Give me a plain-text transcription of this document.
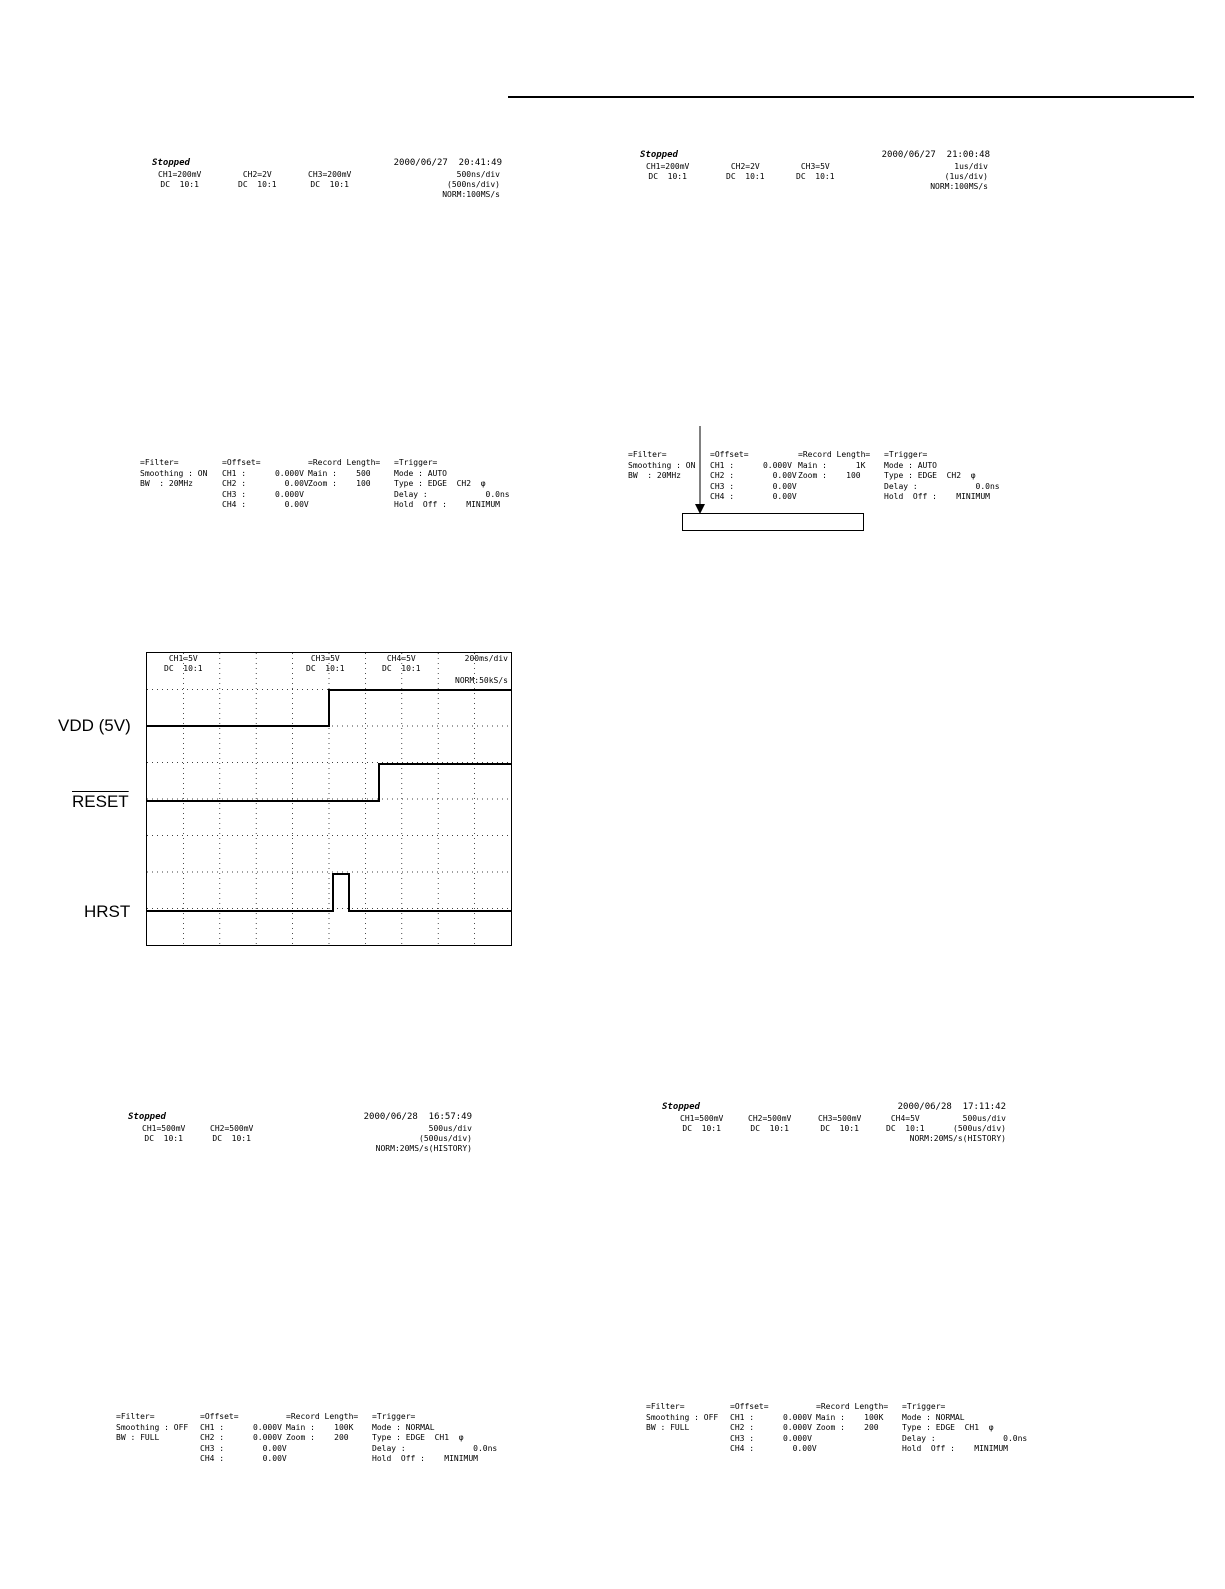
Stopped	2000/06/27  20:41:49
CH1=200mV
DC  10:1
CH2=2V
DC  10:1
CH3=200mV
DC  10:1
500ns/div
(500ns/div)
NORM:100MS/s
=Filter=
Smoothing : ON
BW  : 20MHz
=Offset=
CH1 :      0.000V
CH2 :        0.00V
CH3 :      0.000V
CH4 :        0.00V
=Record Length=
Main :    500
Zoom :    100
=Trigger=
Mode : AUTO
Type : EDGE  CH2  φ
Delay :            0.0ns
Hold  Off :    MINIMUM
Stopped	2000/06/27  21:00:48
CH1=200mV
DC  10:1
CH2=2V
DC  10:1
CH3=5V
DC  10:1
1us/div
(1us/div)
NORM:100MS/s
=Filter=
Smoothing : ON
BW  : 20MHz
=Offset=
CH1 :      0.000V
CH2 :        0.00V
CH3 :        0.00V
CH4 :        0.00V
=Record Length=
Main :      1K
Zoom :    100
=Trigger=
Mode : AUTO
Type : EDGE  CH2  φ
Delay :            0.0ns
Hold  Off :    MINIMUM
VDD (5V)
RESET
HRST
CH1=5V
DC  10:1
CH3=5V
DC  10:1
CH4=5V
DC  10:1
200ms/div
NORM:50kS/s
Stopped	2000/06/28  16:57:49
CH1=500mV
DC  10:1
CH2=500mV
DC  10:1
500us/div
(500us/div)
NORM:20MS/s(HISTORY)
=Filter=
Smoothing : OFF
BW : FULL
=Offset=
CH1 :      0.000V
CH2 :      0.000V
CH3 :        0.00V
CH4 :        0.00V
=Record Length=
Main :    100K
Zoom :    200
=Trigger=
Mode : NORMAL
Type : EDGE  CH1  φ
Delay :              0.0ns
Hold  Off :    MINIMUM
Stopped	2000/06/28  17:11:42
CH1=500mV
DC  10:1
CH2=500mV
DC  10:1
CH3=500mV
DC  10:1
CH4=5V
DC  10:1
500us/div
(500us/div)
NORM:20MS/s(HISTORY)
=Filter=
Smoothing : OFF
BW : FULL
=Offset=
CH1 :      0.000V
CH2 :      0.000V
CH3 :      0.000V
CH4 :        0.00V
=Record Length=
Main :    100K
Zoom :    200
=Trigger=
Mode : NORMAL
Type : EDGE  CH1  φ
Delay :              0.0ns
Hold  Off :    MINIMUM
